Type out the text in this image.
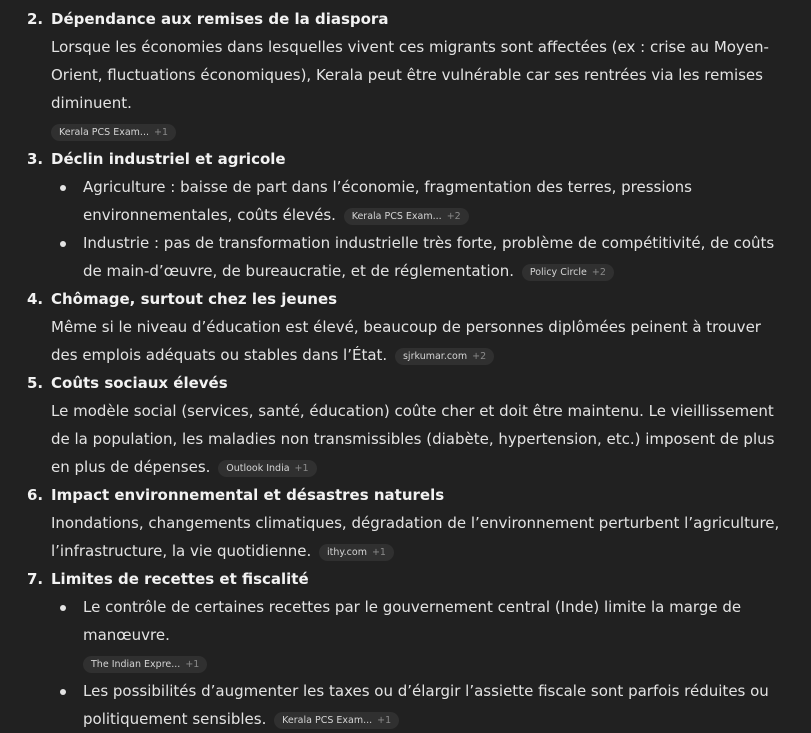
2. Dépendance aux remises de la diaspora
Lorsque les économies dans lesquelles vivent ces migrants sont affectées (ex : crise au Moyen-Orient, fluctuations économiques), Kerala peut être vulnérable car ses rentrées via les remises diminuent.
Kerala PCS Exam... +1
3. Déclin industriel et agricole
Agriculture : baisse de part dans l’économie, fragmentation des terres, pressions environnementales, coûts élevés. Kerala PCS Exam... +2
Industrie : pas de transformation industrielle très forte, problème de compétitivité, de coûts de main-d’œuvre, de bureaucratie, et de réglementation. Policy Circle +2
4. Chômage, surtout chez les jeunes
Même si le niveau d’éducation est élevé, beaucoup de personnes diplômées peinent à trouver des emplois adéquats ou stables dans l’État. sjrkumar.com +2
5. Coûts sociaux élevés
Le modèle social (services, santé, éducation) coûte cher et doit être maintenu. Le vieillissement de la population, les maladies non transmissibles (diabète, hypertension, etc.) imposent de plus en plus de dépenses. Outlook India +1
6. Impact environnemental et désastres naturels
Inondations, changements climatiques, dégradation de l’environnement perturbent l’agriculture, l’infrastructure, la vie quotidienne. ithy.com +1
7. Limites de recettes et fiscalité
Le contrôle de certaines recettes par le gouvernement central (Inde) limite la marge de manœuvre.
The Indian Expre... +1
Les possibilités d’augmenter les taxes ou d’élargir l’assiette fiscale sont parfois réduites ou politiquement sensibles. Kerala PCS Exam... +1
